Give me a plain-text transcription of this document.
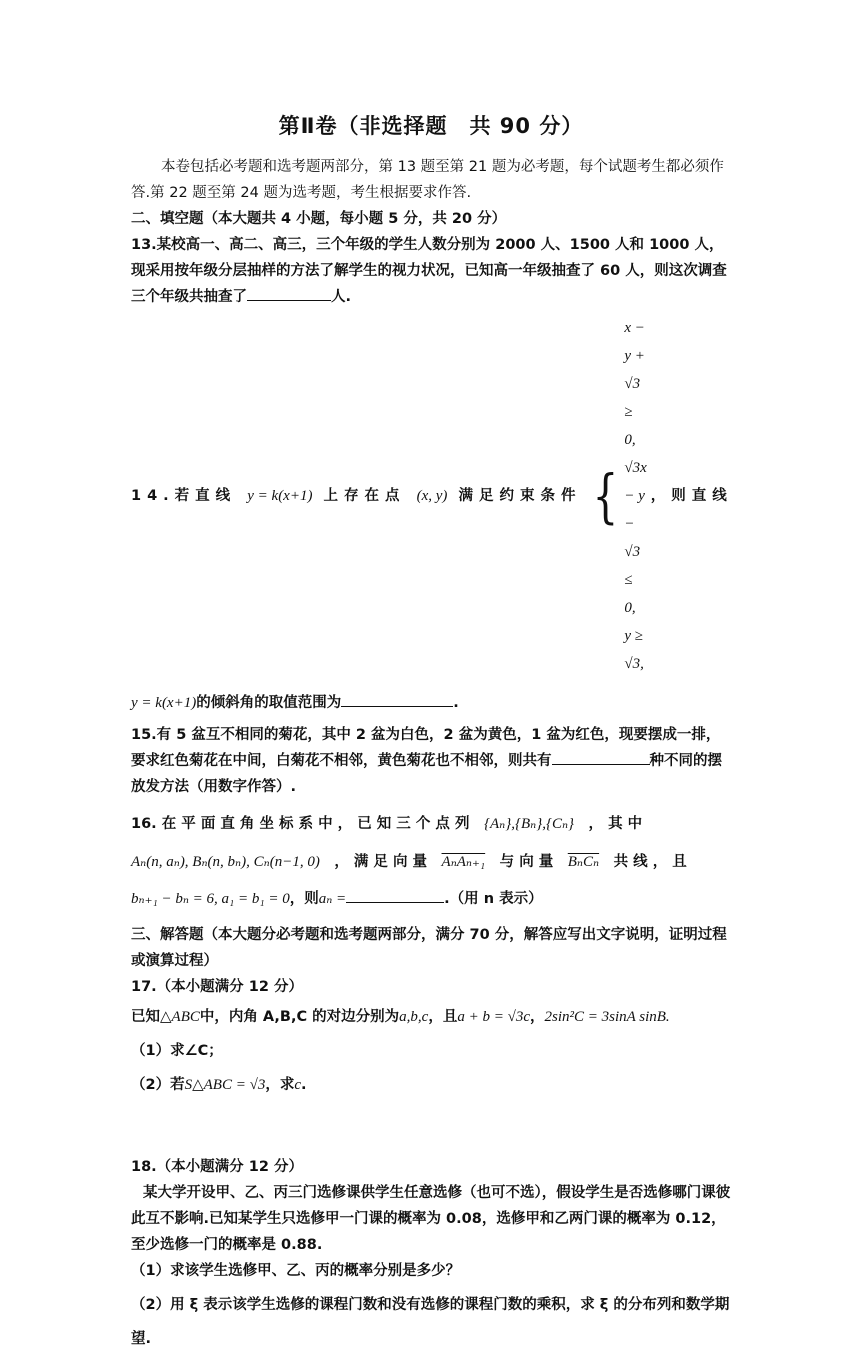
第Ⅱ卷（非选择题　共 90 分）

本卷包括必考题和选考题两部分，第 13 题至第 21 题为必考题，每个试题考生都必须作答.第 22 题至第 24 题为选考题，考生根据要求作答.

二、填空题（本大题共 4 小题，每小题 5 分，共 20 分）

13.某校高一、高二、高三，三个年级的学生人数分别为 2000 人、1500 人和 1000 人，现采用按年级分层抽样的方法了解学生的视力状况，已知高一年级抽查了 60 人，则这次调查三个年级共抽查了	人.

14.若直线 y = k(x+1) 上存在点 (x, y) 满足约束条件 {
x − y + √3 ≥ 0,
√3x − y − √3 ≤ 0,
y ≥ √3,

，则直线

y = k(x+1)的倾斜角的取值范围为	.

15.有 5 盆互不相同的菊花，其中 2 盆为白色，2 盆为黄色，1 盆为红色，现要摆成一排，要求红色菊花在中间，白菊花不相邻，黄色菊花也不相邻，则共有	种不同的摆放发方法（用数字作答）.

16. 在 平 面 直 角 坐 标 系 中 ， 已 知 三 个 点 列　 {Aₙ},{Bₙ},{Cₙ}　 ， 其 中

Aₙ(n, aₙ), Bₙ(n, bₙ), Cₙ(n−1, 0)　 ， 满 足 向 量　 AₙAₙ₊₁　 与 向 量　 BₙCₙ　 共 线 ， 且

bₙ₊₁ − bₙ = 6, a₁ = b₁ = 0，则aₙ =	.（用 n 表示）

三、解答题（本大题分必考题和选考题两部分，满分 70 分，解答应写出文字说明，证明过程或演算过程）

17.（本小题满分 12 分）

已知△ABC中，内角 A,B,C 的对边分别为a,b,c，且a + b = √3c，2sin²C = 3sinA sinB.

（1）求∠C；

（2）若S△ABC = √3，求c.

18.（本小题满分 12 分）

某大学开设甲、乙、丙三门选修课供学生任意选修（也可不选），假设学生是否选修哪门课彼此互不影响.已知某学生只选修甲一门课的概率为 0.08，选修甲和乙两门课的概率为 0.12，至少选修一门的概率是 0.88.

（1）求该学生选修甲、乙、丙的概率分别是多少？

（2）用 ξ 表示该学生选修的课程门数和没有选修的课程门数的乘积，求 ξ 的分布列和数学期望.
